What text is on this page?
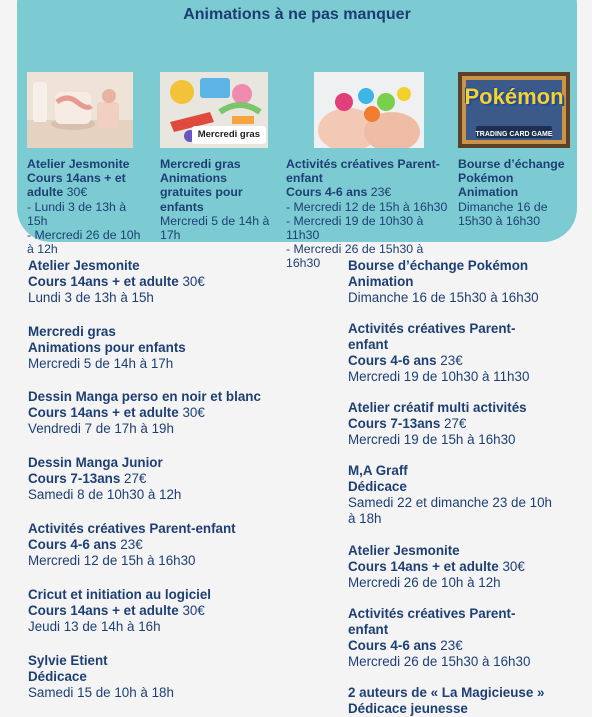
Animations à ne pas manquer
Atelier Jesmonite
Cours 14ans + et adulte 30€
- Lundi 3 de 13h à 15h
- Mercredi 26 de 10h à 12h
Mercredi gras
Mercredi gras
Animations gratuites pour enfants
Mercredi 5 de 14h à 17h
Activités créatives Parent-enfant
Cours 4-6 ans 23€
- Mercredi 12 de 15h à 16h30
- Mercredi 19 de 10h30 à 11h30
- Mercredi 26 de 15h30 à 16h30
Pokémon
TRADING CARD GAME
Bourse d’échange Pokémon
Animation
Dimanche 16 de 15h30 à 16h30
Atelier Jesmonite
Cours 14ans + et adulte 30€
Lundi 3 de 13h à 15h
Mercredi gras
Animations pour enfants
Mercredi 5 de 14h à 17h
Dessin Manga perso en noir et blanc
Cours 14ans + et adulte 30€
Vendredi 7 de 17h à 19h
Dessin Manga Junior
Cours 7-13ans 27€
Samedi 8 de 10h30 à 12h
Activités créatives Parent-enfant
Cours 4-6 ans 23€
Mercredi 12 de 15h à 16h30
Cricut et initiation au logiciel
Cours 14ans + et adulte 30€
Jeudi 13 de 14h à 16h
Sylvie Etient
Dédicace
Samedi 15 de 10h à 18h
Bourse d’échange Pokémon
Animation
Dimanche 16 de 15h30 à 16h30
Activités créatives Parent-enfant
Cours 4-6 ans 23€
Mercredi 19 de 10h30 à 11h30
Atelier créatif multi activités
Cours 7-13ans 27€
Mercredi 19 de 15h à 16h30
M,A Graff
Dédicace
Samedi 22 et dimanche 23 de 10h à 18h
Atelier Jesmonite
Cours 14ans + et adulte 30€
Mercredi 26 de 10h à 12h
Activités créatives Parent-enfant
Cours 4-6 ans 23€
Mercredi 26 de 15h30 à 16h30
2 auteurs de « La Magicieuse »
Dédicace jeunesse
